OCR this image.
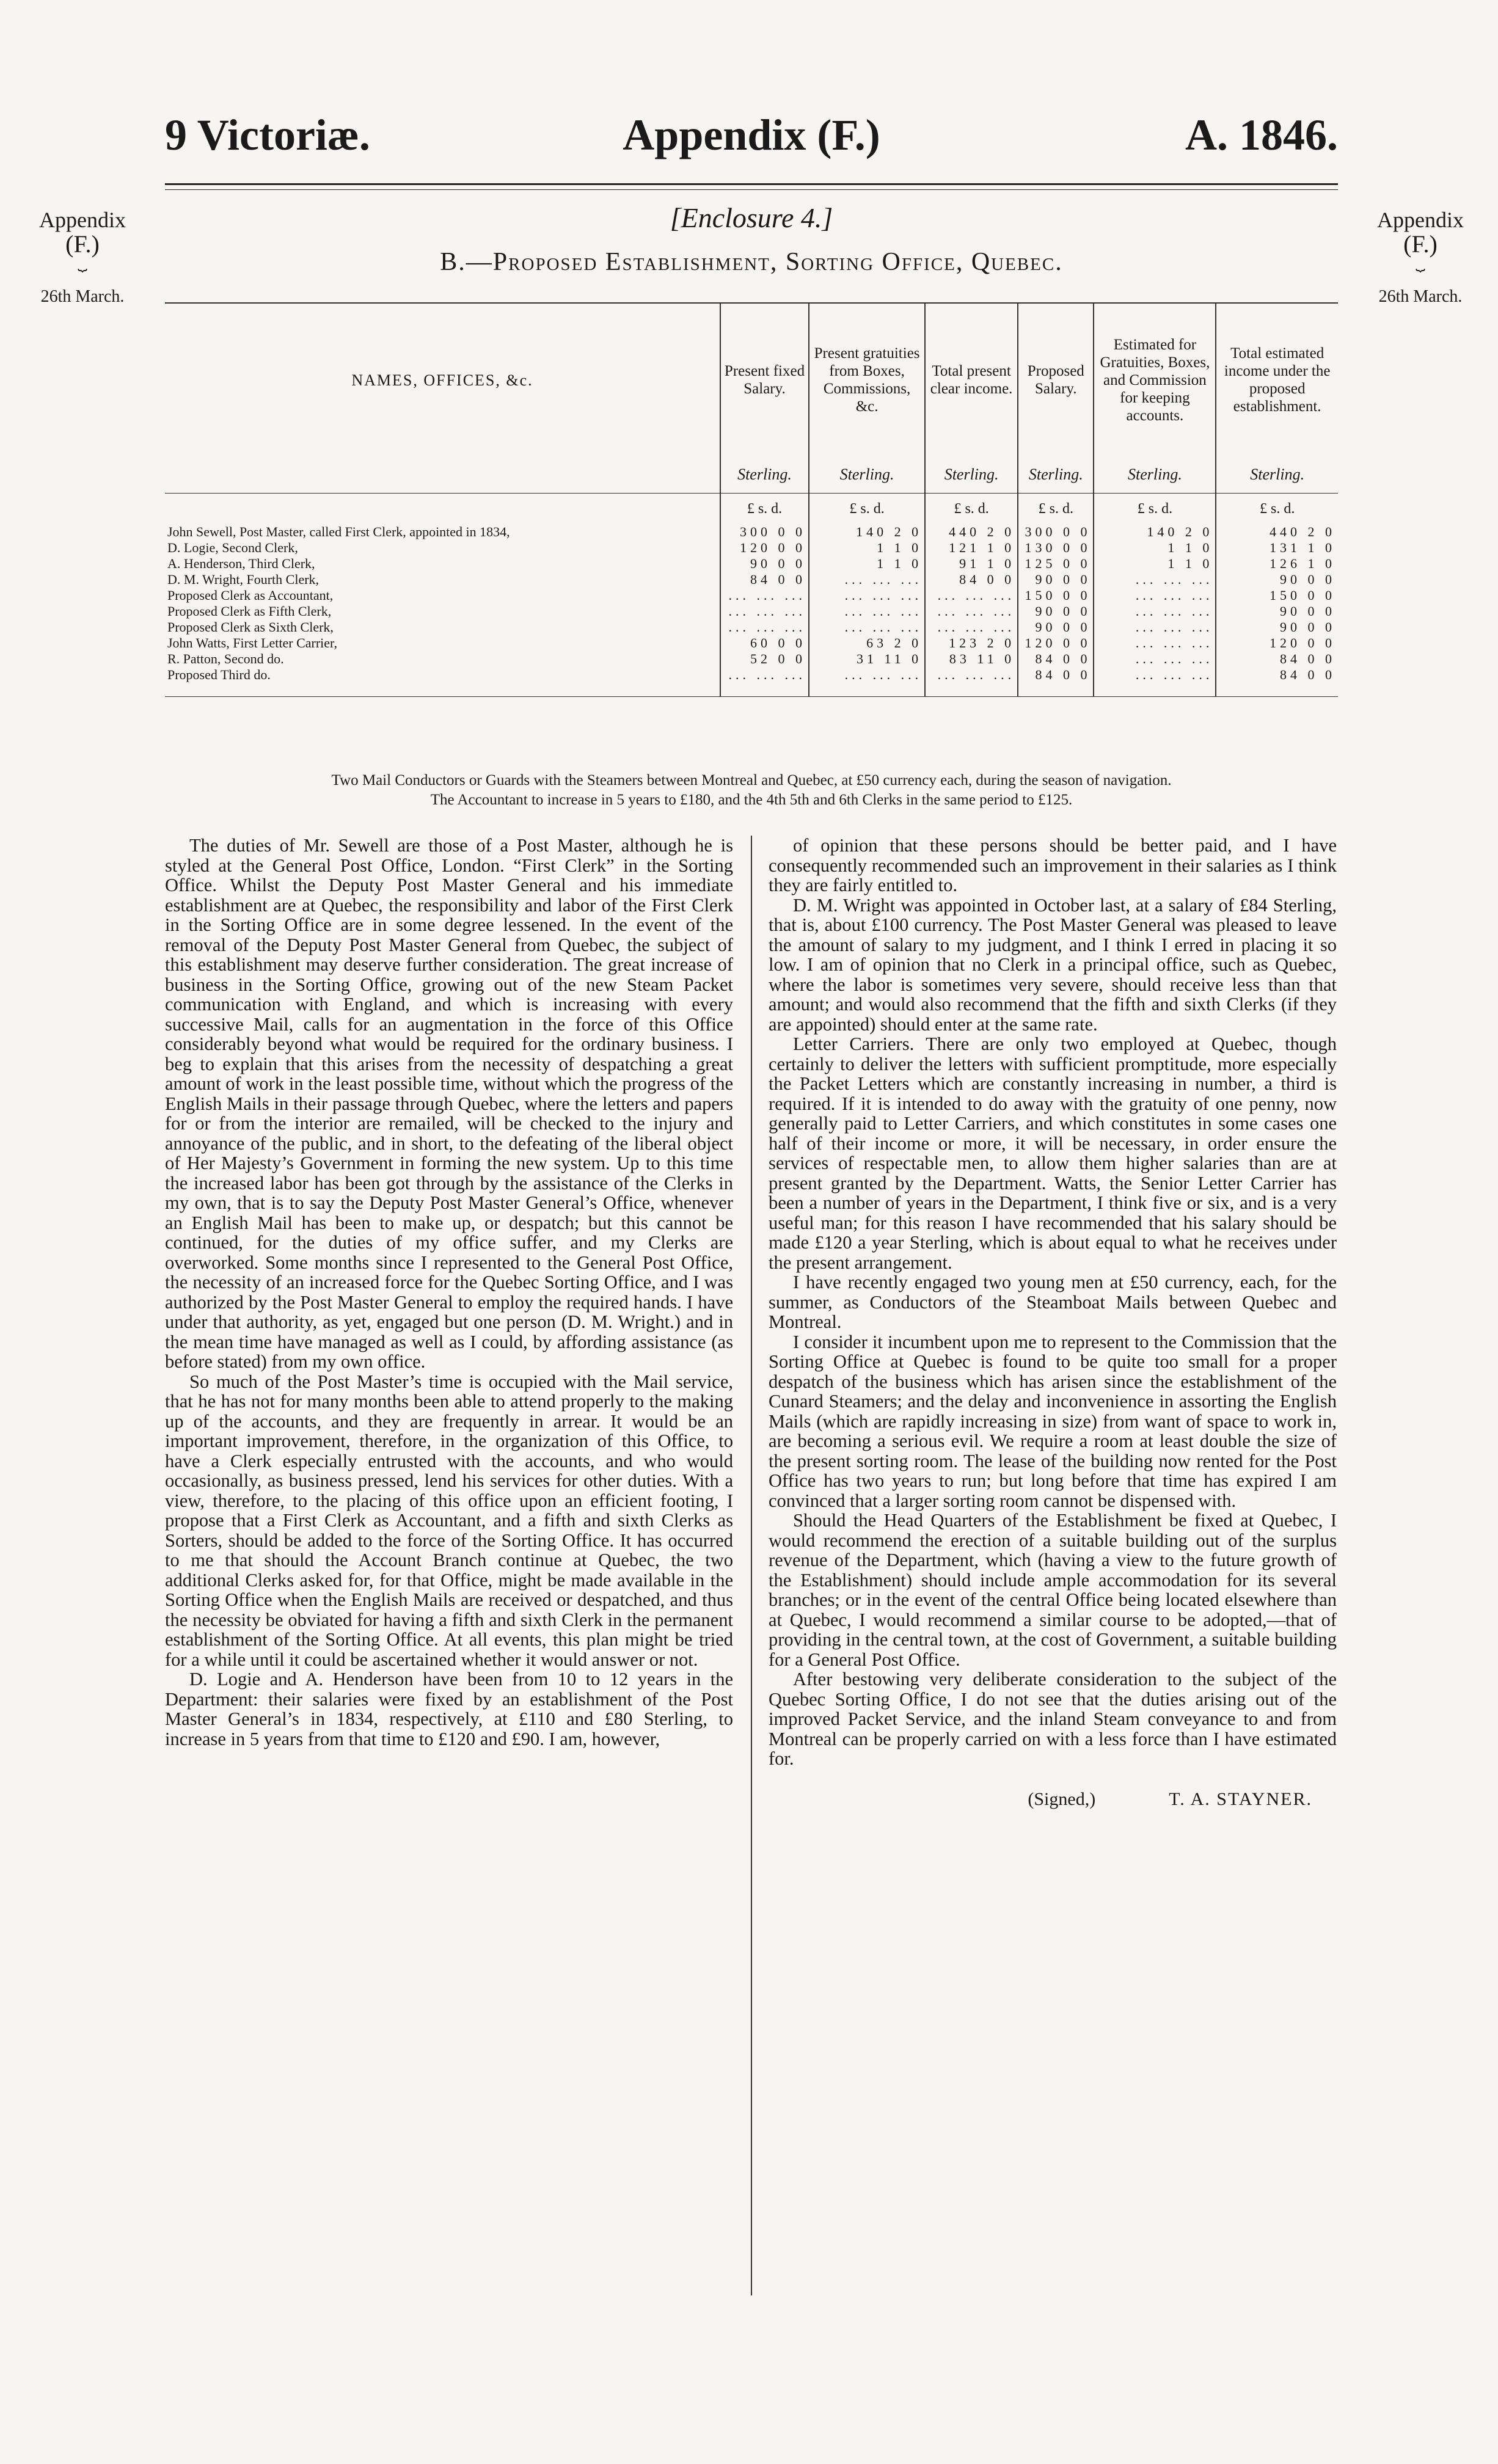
9 Victoriæ.	Appendix (F.)	A. 1846.
Appendix
(F.)
⏟
26th March.
Appendix
(F.)
⏟
26th March.
[Enclosure 4.]
B.—Proposed Establishment, Sorting Office, Quebec.

NAMES, OFFICES, &c.	Present fixed Salary.	Present gratuities from Boxes, Commissions, &c.	Total present clear income.	Proposed Salary.	Estimated for Gratuities, Boxes, and Commission for keeping accounts.	Total estimated income under the proposed establishment.
	Sterling.	Sterling.	Sterling.	Sterling.	Sterling.	Sterling.
	£ s. d.	£ s. d.	£ s. d.	£ s. d.	£ s. d.	£ s. d.
John Sewell, Post Master, called First Clerk, appointed in 1834,	300 0 0	140 2 0	440 2 0	300 0 0	140 2 0	440 2 0
D. Logie, Second Clerk,	120 0 0	1 1 0	121 1 0	130 0 0	1 1 0	131 1 0
A. Henderson, Third Clerk,	90 0 0	1 1 0	91 1 0	125 0 0	1 1 0	126 1 0
D. M. Wright, Fourth Clerk,	84 0 0	... ... ...	84 0 0	90 0 0	... ... ...	90 0 0
Proposed Clerk as Accountant,	... ... ...	... ... ...	... ... ...	150 0 0	... ... ...	150 0 0
Proposed Clerk as Fifth Clerk,	... ... ...	... ... ...	... ... ...	90 0 0	... ... ...	90 0 0
Proposed Clerk as Sixth Clerk,	... ... ...	... ... ...	... ... ...	90 0 0	... ... ...	90 0 0
John Watts, First Letter Carrier,	60 0 0	63 2 0	123 2 0	120 0 0	... ... ...	120 0 0
R. Patton, Second do.	52 0 0	31 11 0	83 11 0	84 0 0	... ... ...	84 0 0
Proposed Third do.	... ... ...	... ... ...	... ... ...	84 0 0	... ... ...	84 0 0

Two Mail Conductors or Guards with the Steamers between Montreal and Quebec, at £50 currency each, during the season of navigation.
The Accountant to increase in 5 years to £180, and the 4th 5th and 6th Clerks in the same period to £125.

The duties of Mr. Sewell are those of a Post Master, although he is styled at the General Post Office, London. “First Clerk” in the Sorting Office. Whilst the Deputy Post Master General and his immediate establishment are at Quebec, the responsibility and labor of the First Clerk in the Sorting Office are in some degree lessened. In the event of the removal of the Deputy Post Master General from Quebec, the subject of this establishment may deserve further consideration. The great increase of business in the Sorting Office, growing out of the new Steam Packet communication with England, and which is increasing with every successive Mail, calls for an augmentation in the force of this Office considerably beyond what would be required for the ordinary business. I beg to explain that this arises from the necessity of despatching a great amount of work in the least possible time, without which the progress of the English Mails in their passage through Quebec, where the letters and papers for or from the interior are remailed, will be checked to the injury and annoyance of the public, and in short, to the defeating of the liberal object of Her Majesty’s Government in forming the new system. Up to this time the increased labor has been got through by the assistance of the Clerks in my own, that is to say the Deputy Post Master General’s Office, whenever an English Mail has been to make up, or despatch; but this cannot be continued, for the duties of my office suffer, and my Clerks are overworked. Some months since I represented to the General Post Office, the necessity of an increased force for the Quebec Sorting Office, and I was authorized by the Post Master General to employ the required hands. I have under that authority, as yet, engaged but one person (D. M. Wright.) and in the mean time have managed as well as I could, by affording assistance (as before stated) from my own office.

So much of the Post Master’s time is occupied with the Mail service, that he has not for many months been able to attend properly to the making up of the accounts, and they are frequently in arrear. It would be an important improvement, therefore, in the organization of this Office, to have a Clerk especially entrusted with the accounts, and who would occasionally, as business pressed, lend his services for other duties. With a view, therefore, to the placing of this office upon an efficient footing, I propose that a First Clerk as Accountant, and a fifth and sixth Clerks as Sorters, should be added to the force of the Sorting Office. It has occurred to me that should the Account Branch continue at Quebec, the two additional Clerks asked for, for that Office, might be made available in the Sorting Office when the English Mails are received or despatched, and thus the necessity be obviated for having a fifth and sixth Clerk in the permanent establishment of the Sorting Office. At all events, this plan might be tried for a while until it could be ascertained whether it would answer or not.

D. Logie and A. Henderson have been from 10 to 12 years in the Department: their salaries were fixed by an establishment of the Post Master General’s in 1834, respectively, at £110 and £80 Sterling, to increase in 5 years from that time to £120 and £90. I am, however,

of opinion that these persons should be better paid, and I have consequently recommended such an improvement in their salaries as I think they are fairly entitled to.

D. M. Wright was appointed in October last, at a salary of £84 Sterling, that is, about £100 currency. The Post Master General was pleased to leave the amount of salary to my judgment, and I think I erred in placing it so low. I am of opinion that no Clerk in a principal office, such as Quebec, where the labor is sometimes very severe, should receive less than that amount; and would also recommend that the fifth and sixth Clerks (if they are appointed) should enter at the same rate.

Letter Carriers. There are only two employed at Quebec, though certainly to deliver the letters with sufficient promptitude, more especially the Packet Letters which are constantly increasing in number, a third is required. If it is intended to do away with the gratuity of one penny, now generally paid to Letter Carriers, and which constitutes in some cases one half of their income or more, it will be necessary, in order ensure the services of respectable men, to allow them higher salaries than are at present granted by the Department. Watts, the Senior Letter Carrier has been a number of years in the Department, I think five or six, and is a very useful man; for this reason I have recommended that his salary should be made £120 a year Sterling, which is about equal to what he receives under the present arrangement.

I have recently engaged two young men at £50 currency, each, for the summer, as Conductors of the Steamboat Mails between Quebec and Montreal.

I consider it incumbent upon me to represent to the Commission that the Sorting Office at Quebec is found to be quite too small for a proper despatch of the business which has arisen since the establishment of the Cunard Steamers; and the delay and inconvenience in assorting the English Mails (which are rapidly increasing in size) from want of space to work in, are becoming a serious evil. We require a room at least double the size of the present sorting room. The lease of the building now rented for the Post Office has two years to run; but long before that time has expired I am convinced that a larger sorting room cannot be dispensed with.

Should the Head Quarters of the Establishment be fixed at Quebec, I would recommend the erection of a suitable building out of the surplus revenue of the Department, which (having a view to the future growth of the Establishment) should include ample accommodation for its several branches; or in the event of the central Office being located elsewhere than at Quebec, I would recommend a similar course to be adopted,—that of providing in the central town, at the cost of Government, a suitable building for a General Post Office.

After bestowing very deliberate consideration to the subject of the Quebec Sorting Office, I do not see that the duties arising out of the improved Packet Service, and the inland Steam conveyance to and from Montreal can be properly carried on with a less force than I have estimated for.

(Signed,)	T. A. STAYNER.
